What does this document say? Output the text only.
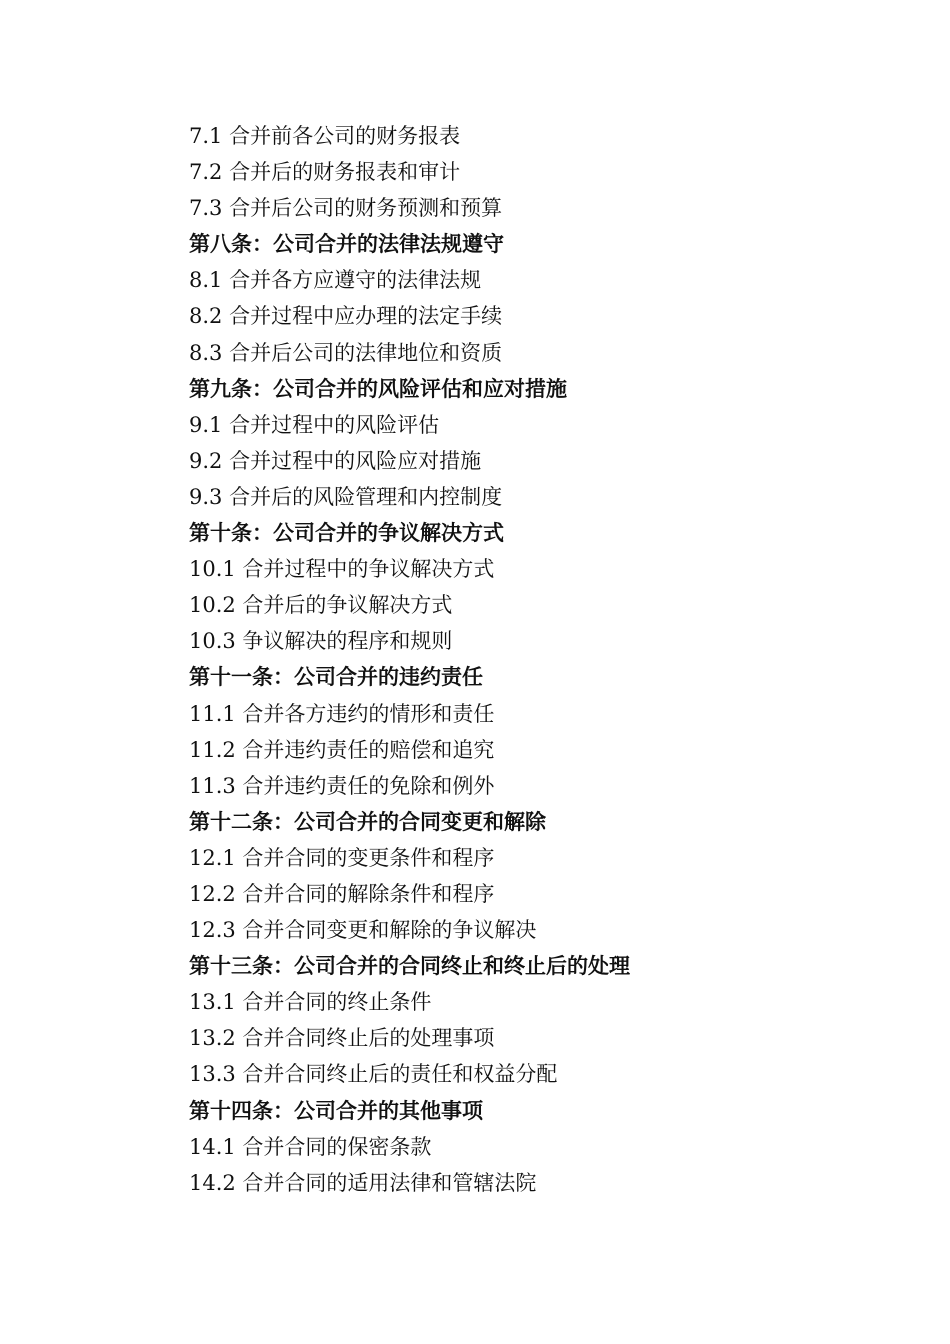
7.1 合并前各公司的财务报表
7.2 合并后的财务报表和审计
7.3 合并后公司的财务预测和预算
第八条：公司合并的法律法规遵守
8.1 合并各方应遵守的法律法规
8.2 合并过程中应办理的法定手续
8.3 合并后公司的法律地位和资质
第九条：公司合并的风险评估和应对措施
9.1 合并过程中的风险评估
9.2 合并过程中的风险应对措施
9.3 合并后的风险管理和内控制度
第十条：公司合并的争议解决方式
10.1 合并过程中的争议解决方式
10.2 合并后的争议解决方式
10.3 争议解决的程序和规则
第十一条：公司合并的违约责任
11.1 合并各方违约的情形和责任
11.2 合并违约责任的赔偿和追究
11.3 合并违约责任的免除和例外
第十二条：公司合并的合同变更和解除
12.1 合并合同的变更条件和程序
12.2 合并合同的解除条件和程序
12.3 合并合同变更和解除的争议解决
第十三条：公司合并的合同终止和终止后的处理
13.1 合并合同的终止条件
13.2 合并合同终止后的处理事项
13.3 合并合同终止后的责任和权益分配
第十四条：公司合并的其他事项
14.1 合并合同的保密条款
14.2 合并合同的适用法律和管辖法院
